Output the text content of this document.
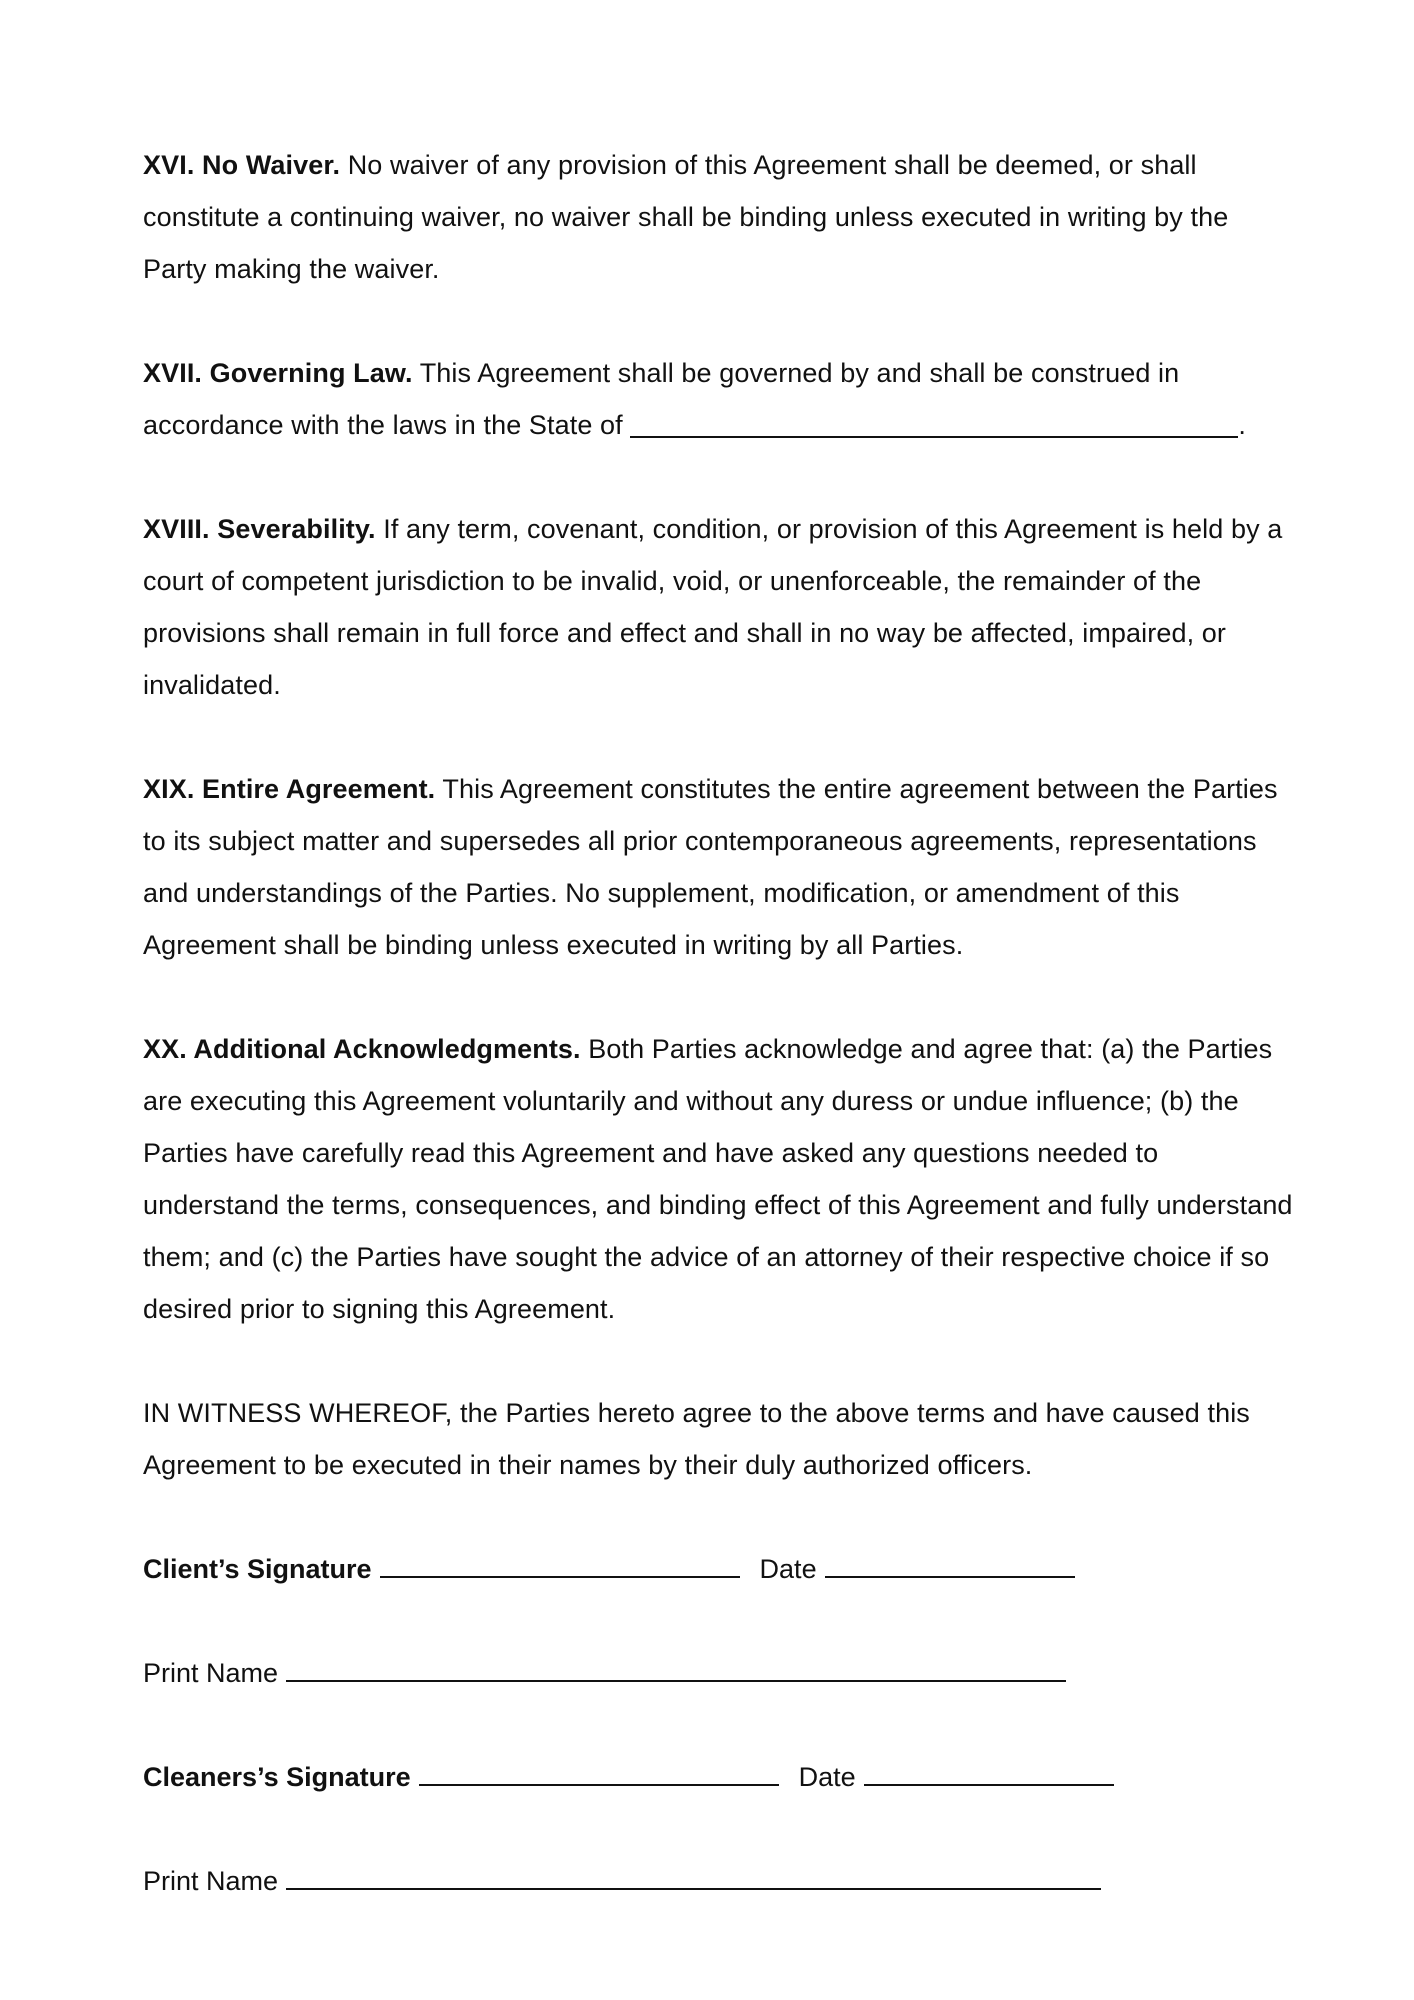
XVI. No Waiver. No waiver of any provision of this Agreement shall be deemed, or shall constitute a continuing waiver, no waiver shall be binding unless executed in writing by the Party making the waiver.

XVII. Governing Law. This Agreement shall be governed by and shall be construed in accordance with the laws in the State of	.

XVIII. Severability. If any term, covenant, condition, or provision of this Agreement is held by a court of competent jurisdiction to be invalid, void, or unenforceable, the remainder of the provisions shall remain in full force and effect and shall in no way be affected, impaired, or invalidated.

XIX. Entire Agreement. This Agreement constitutes the entire agreement between the Parties to its subject matter and supersedes all prior contemporaneous agreements, representations and understandings of the Parties. No supplement, modification, or amendment of this Agreement shall be binding unless executed in writing by all Parties.

XX. Additional Acknowledgments. Both Parties acknowledge and agree that: (a) the Parties are executing this Agreement voluntarily and without any duress or undue influence; (b) the Parties have carefully read this Agreement and have asked any questions needed to understand the terms, consequences, and binding effect of this Agreement and fully understand them; and (c) the Parties have sought the advice of an attorney of their respective choice if so desired prior to signing this Agreement.

IN WITNESS WHEREOF, the Parties hereto agree to the above terms and have caused this Agreement to be executed in their names by their duly authorized officers.

Client’s Signature	Date
Print Name
Cleaners’s Signature	Date
Print Name
